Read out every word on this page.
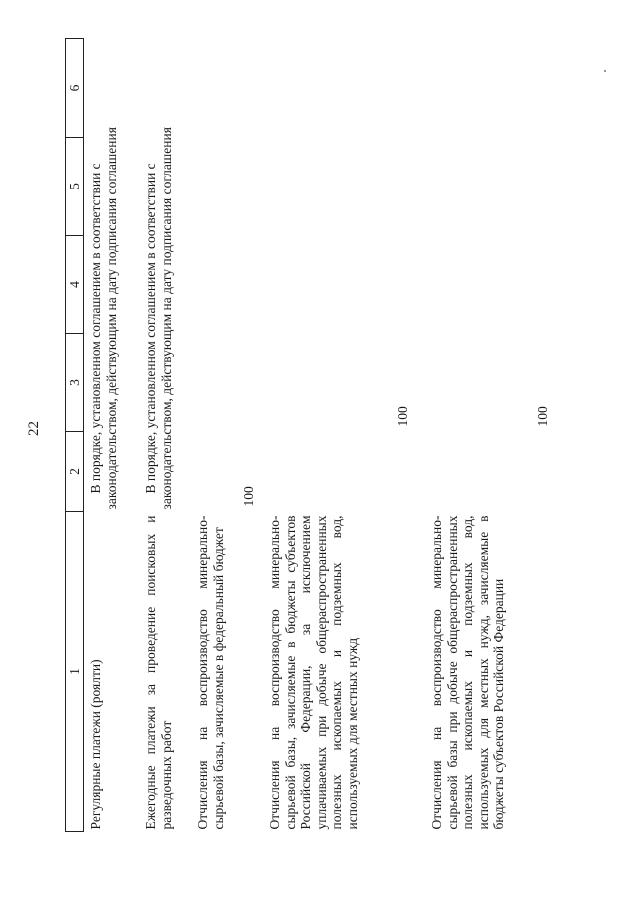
22
1	2	3	4	5	6

Регулярные платежи (роялти)	В порядке, установленном соглашением в соответствии с законодательством, действующим на дату подписания соглашения				

Ежегодные платежи за проведение поисковых и разведочных работ	В порядке, установленном соглашением в соответствии с законодательством, действующим на дату подписания соглашения				

Отчисления на воспроизводство минерально-сырьевой базы, зачисляемые в федеральный бюджет	100				

Отчисления на воспроизводство минерально-сырьевой базы, зачисляемые в бюджеты субъектов Российской Федерации, за исключением уплачиваемых при добыче общераспространенных полезных ископаемых и подземных вод, используемых для местных нужд		100			

Отчисления на воспроизводство минерально-сырьевой базы при добыче общераспространенных полезных ископаемых и подземных вод, используемых для местных нужд, зачисляемые в бюджеты субъектов Российской Федерации		100			
